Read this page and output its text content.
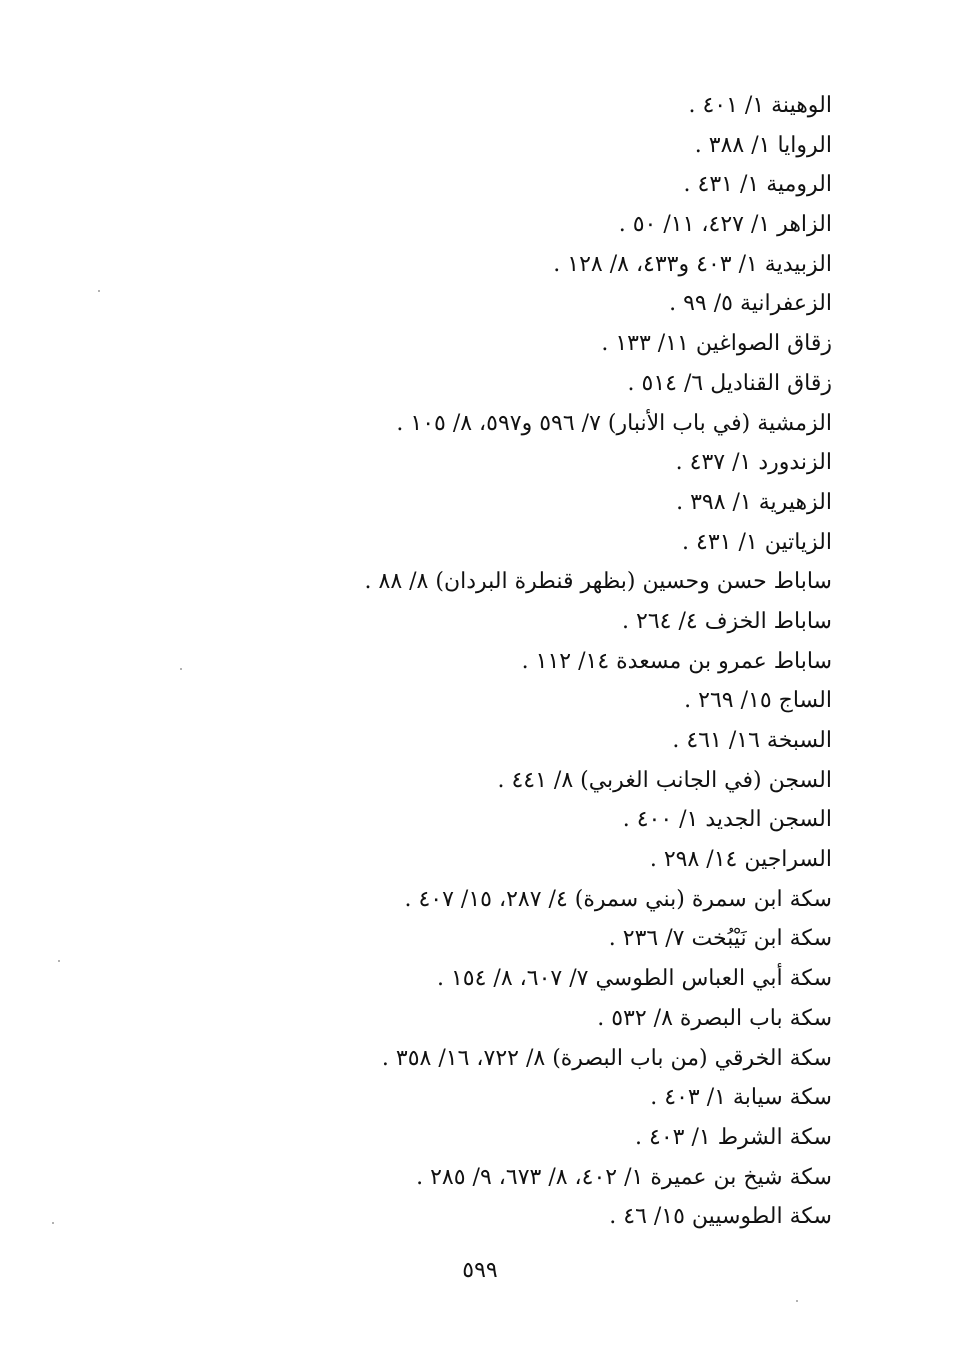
الوهينة ١/ ٤٠١ .
الروايا ١/ ٣٨٨ .
الرومية ١/ ٤٣١ .
الزاهر ١/ ٤٢٧، ١١/ ٥٠ .
الزبيدية ١/ ٤٠٣ و٤٣٣، ٨/ ١٢٨ .
الزعفرانية ٥/ ٩٩ .
زقاق الصواغين ١١/ ١٣٣ .
زقاق القناديل ٦/ ٥١٤ .
الزمشية (في باب الأنبار) ٧/ ٥٩٦ و٥٩٧، ٨/ ١٠٥ .
الزندورد ١/ ٤٣٧ .
الزهيرية ١/ ٣٩٨ .
الزياتين ١/ ٤٣١ .
ساباط حسن وحسين (بظهر قنطرة البردان) ٨/ ٨٨ .
ساباط الخزف ٤/ ٢٦٤ .
ساباط عمرو بن مسعدة ١٤/ ١١٢ .
الساج ١٥/ ٢٦٩ .
السبخة ١٦/ ٤٦١ .
السجن (في الجانب الغربي) ٨/ ٤٤١ .
السجن الجديد ١/ ٤٠٠ .
السراجين ١٤/ ٢٩٨ .
سكة ابن سمرة (بني سمرة) ٤/ ٢٨٧، ١٥/ ٤٠٧ .
سكة ابن نَيْبُخت ٧/ ٢٣٦ .
سكة أبي العباس الطوسي ٧/ ٦٠٧، ٨/ ١٥٤ .
سكة باب البصرة ٨/ ٥٣٢ .
سكة الخرقي (من باب البصرة) ٨/ ٧٢٢، ١٦/ ٣٥٨ .
سكة سيابة ١/ ٤٠٣ .
سكة الشرط ١/ ٤٠٣ .
سكة شيخ بن عميرة ١/ ٤٠٢، ٨/ ٦٧٣، ٩/ ٢٨٥ .
سكة الطوسيين ١٥/ ٤٦ .
٥٩٩
